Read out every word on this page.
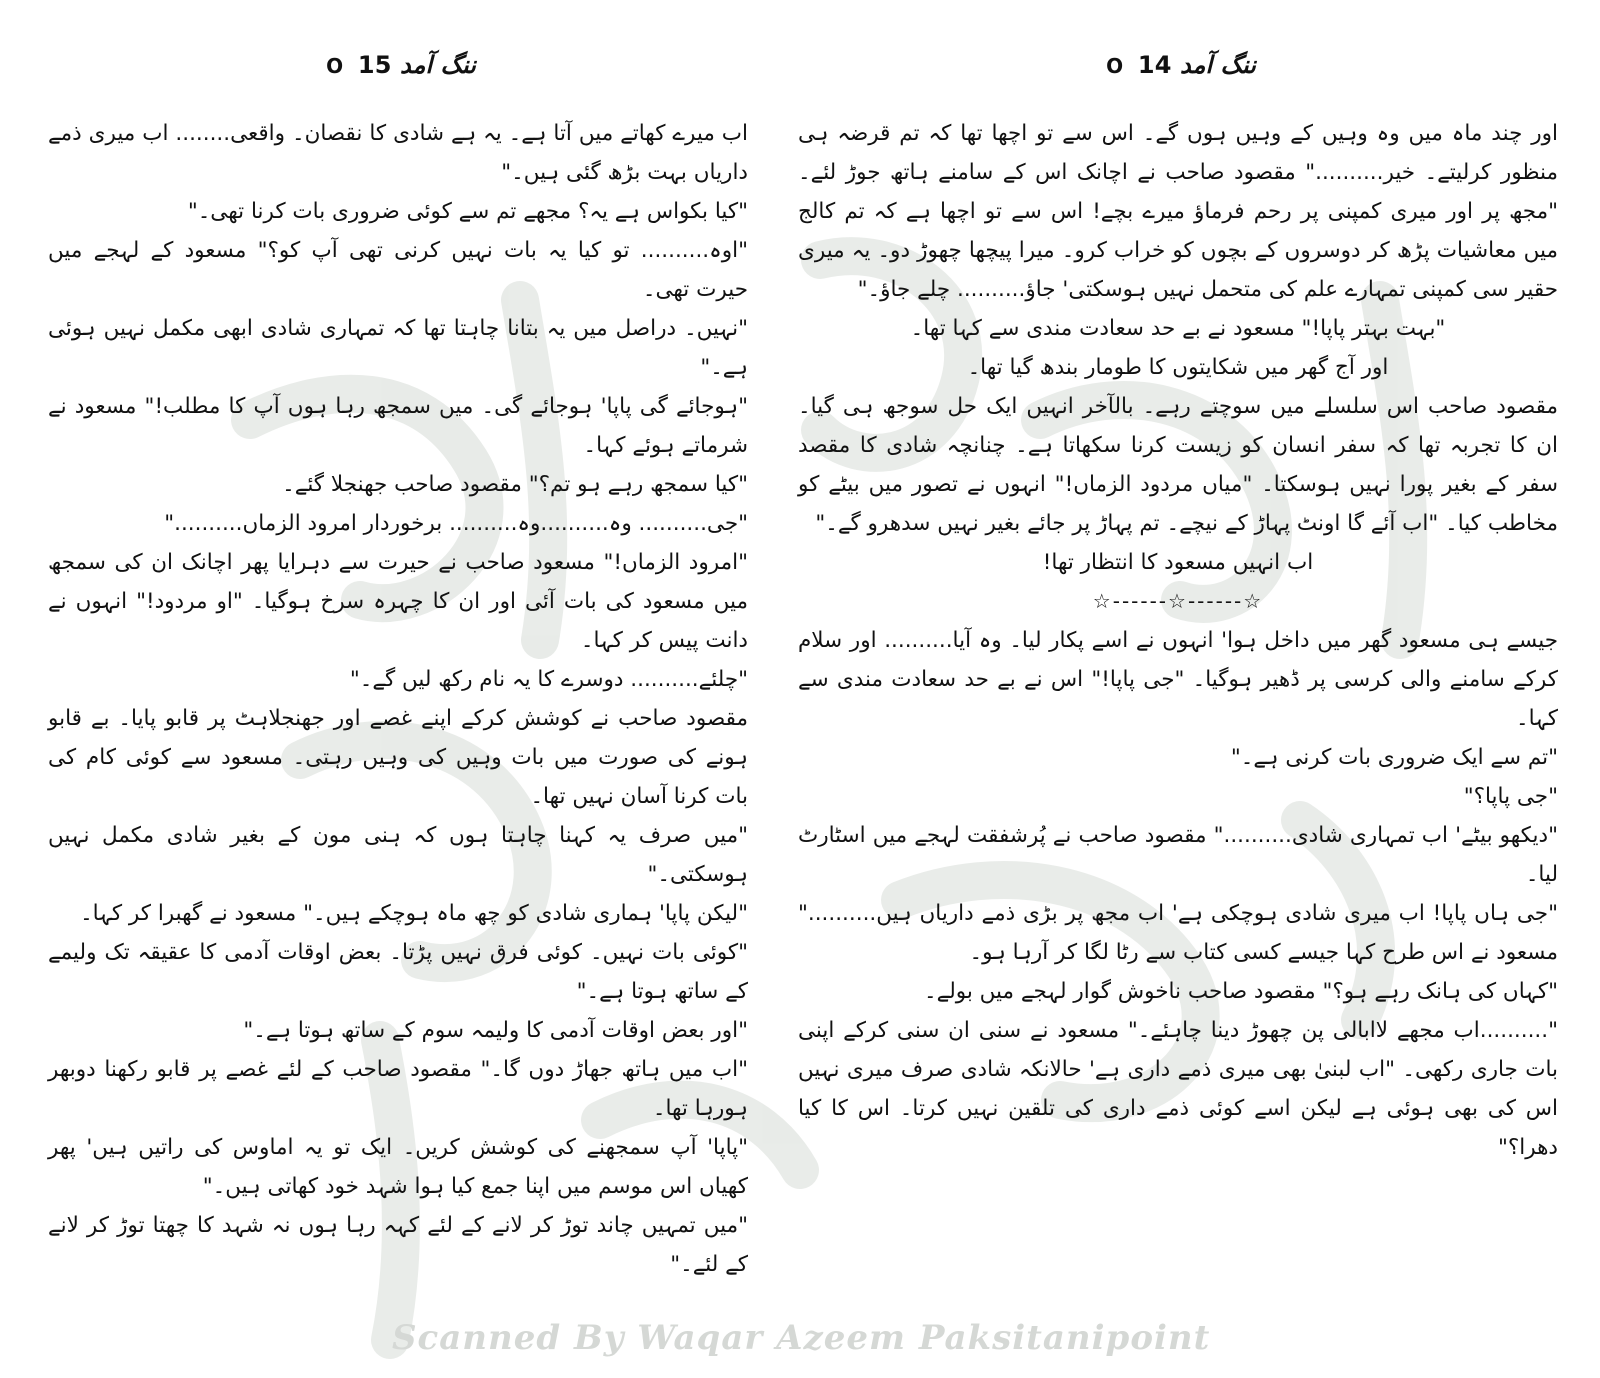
ننگ آمد O 15

اب میرے کھاتے میں آتا ہے۔ یہ ہے شادی کا نقصان۔ واقعی........ اب میری ذمے داریاں بہت بڑھ گئی ہیں۔"

"کیا بکواس ہے یہ؟ مجھے تم سے کوئی ضروری بات کرنا تھی۔"

"اوہ.......... تو کیا یہ بات نہیں کرنی تھی آپ کو؟" مسعود کے لہجے میں حیرت تھی۔

"نہیں۔ دراصل میں یہ بتانا چاہتا تھا کہ تمہاری شادی ابھی مکمل نہیں ہوئی ہے۔"

"ہوجائے گی پاپا' ہوجائے گی۔ میں سمجھ رہا ہوں آپ کا مطلب!" مسعود نے شرماتے ہوئے کہا۔

"کیا سمجھ رہے ہو تم؟" مقصود صاحب جھنجلا گئے۔

"جی.......... وہ..........وہ.......... برخوردار امرود الزماں.........."

"امرود الزماں!" مسعود صاحب نے حیرت سے دہرایا پھر اچانک ان کی سمجھ میں مسعود کی بات آئی اور ان کا چہرہ سرخ ہوگیا۔ "او مردود!" انہوں نے دانت پیس کر کہا۔

"چلئے.......... دوسرے کا یہ نام رکھ لیں گے۔"

مقصود صاحب نے کوشش کرکے اپنے غصے اور جھنجلاہٹ پر قابو پایا۔ بے قابو ہونے کی صورت میں بات وہیں کی وہیں رہتی۔ مسعود سے کوئی کام کی بات کرنا آسان نہیں تھا۔

"میں صرف یہ کہنا چاہتا ہوں کہ ہنی مون کے بغیر شادی مکمل نہیں ہوسکتی۔"

"لیکن پاپا' ہماری شادی کو چھ ماہ ہوچکے ہیں۔" مسعود نے گھبرا کر کہا۔

"کوئی بات نہیں۔ کوئی فرق نہیں پڑتا۔ بعض اوقات آدمی کا عقیقہ تک ولیمے کے ساتھ ہوتا ہے۔"

"اور بعض اوقات آدمی کا ولیمہ سوم کے ساتھ ہوتا ہے۔"

"اب میں ہاتھ جھاڑ دوں گا۔" مقصود صاحب کے لئے غصے پر قابو رکھنا دوبھر ہورہا تھا۔

"پاپا' آپ سمجھنے کی کوشش کریں۔ ایک تو یہ اماوس کی راتیں ہیں' پھر کھیاں اس موسم میں اپنا جمع کیا ہوا شہد خود کھاتی ہیں۔"

"میں تمہیں چاند توڑ کر لانے کے لئے کہہ رہا ہوں نہ شہد کا چھتا توڑ کر لانے کے لئے۔"

ننگ آمد O 14

اور چند ماہ میں وہ وہیں کے وہیں ہوں گے۔ اس سے تو اچھا تھا کہ تم قرضہ ہی منظور کرلیتے۔ خیر.........." مقصود صاحب نے اچانک اس کے سامنے ہاتھ جوڑ لئے۔ "مجھ پر اور میری کمپنی پر رحم فرماؤ میرے بچے! اس سے تو اچھا ہے کہ تم کالج میں معاشیات پڑھ کر دوسروں کے بچوں کو خراب کرو۔ میرا پیچھا چھوڑ دو۔ یہ میری حقیر سی کمپنی تمہارے علم کی متحمل نہیں ہوسکتی' جاؤ.......... چلے جاؤ۔"

"بہت بہتر پاپا!" مسعود نے بے حد سعادت مندی سے کہا تھا۔

اور آج گھر میں شکایتوں کا طومار بندھ گیا تھا۔

مقصود صاحب اس سلسلے میں سوچتے رہے۔ بالآخر انہیں ایک حل سوجھ ہی گیا۔ ان کا تجربہ تھا کہ سفر انسان کو زیست کرنا سکھاتا ہے۔ چنانچہ شادی کا مقصد سفر کے بغیر پورا نہیں ہوسکتا۔ "میاں مردود الزماں!" انہوں نے تصور میں بیٹے کو مخاطب کیا۔ "اب آئے گا اونٹ پہاڑ کے نیچے۔ تم پہاڑ پر جائے بغیر نہیں سدھرو گے۔"

اب انہیں مسعود کا انتظار تھا!

☆------☆------☆

جیسے ہی مسعود گھر میں داخل ہوا' انہوں نے اسے پکار لیا۔ وہ آیا.......... اور سلام کرکے سامنے والی کرسی پر ڈھیر ہوگیا۔ "جی پاپا!" اس نے بے حد سعادت مندی سے کہا۔

"تم سے ایک ضروری بات کرنی ہے۔"

"جی پاپا؟"

"دیکھو بیٹے' اب تمہاری شادی.........." مقصود صاحب نے پُرشفقت لہجے میں اسٹارٹ لیا۔

"جی ہاں پاپا! اب میری شادی ہوچکی ہے' اب مجھ پر بڑی ذمے داریاں ہیں.........." مسعود نے اس طرح کہا جیسے کسی کتاب سے رٹا لگا کر آرہا ہو۔

"کہاں کی ہانک رہے ہو؟" مقصود صاحب ناخوش گوار لہجے میں بولے۔

"..........اب مجھے لاابالی پن چھوڑ دینا چاہئے۔" مسعود نے سنی ان سنی کرکے اپنی بات جاری رکھی۔ "اب لبنیٰ بھی میری ذمے داری ہے' حالانکہ شادی صرف میری نہیں اس کی بھی ہوئی ہے لیکن اسے کوئی ذمے داری کی تلقین نہیں کرتا۔ اس کا کیا دھرا؟"

Scanned By Waqar Azeem Paksitanipoint
